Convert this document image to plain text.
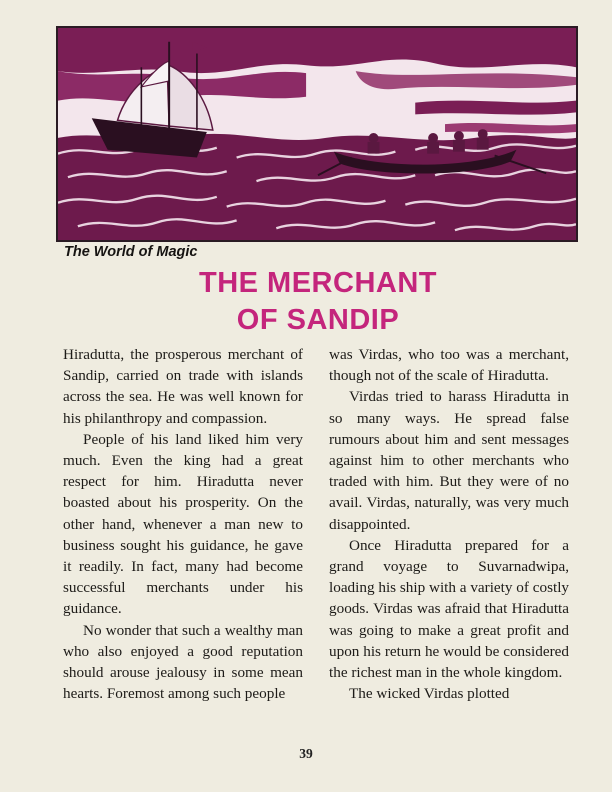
The World of Magic
THE MERCHANT
OF SANDIP

Hiradutta, the prosperous merchant of Sandip, carried on trade with islands across the sea. He was well known for his philanthropy and compassion.

People of his land liked him very much. Even the king had a great respect for him. Hiradutta never boasted about his prosperity. On the other hand, whenever a man new to business sought his guidance, he gave it readily. In fact, many had become successful merchants under his guidance.

No wonder that such a wealthy man who also enjoyed a good reputation should arouse jealousy in some mean hearts. Foremost among such people

was Virdas, who too was a merchant, though not of the scale of Hiradutta.

Virdas tried to harass Hiradutta in so many ways. He spread false rumours about him and sent messages against him to other merchants who traded with him. But they were of no avail. Virdas, naturally, was very much disappointed.

Once Hiradutta prepared for a grand voyage to Suvarnadwipa, loading his ship with a variety of costly goods. Virdas was afraid that Hiradutta was going to make a great profit and upon his return he would be considered the richest man in the whole kingdom.

The wicked Virdas plotted

39
